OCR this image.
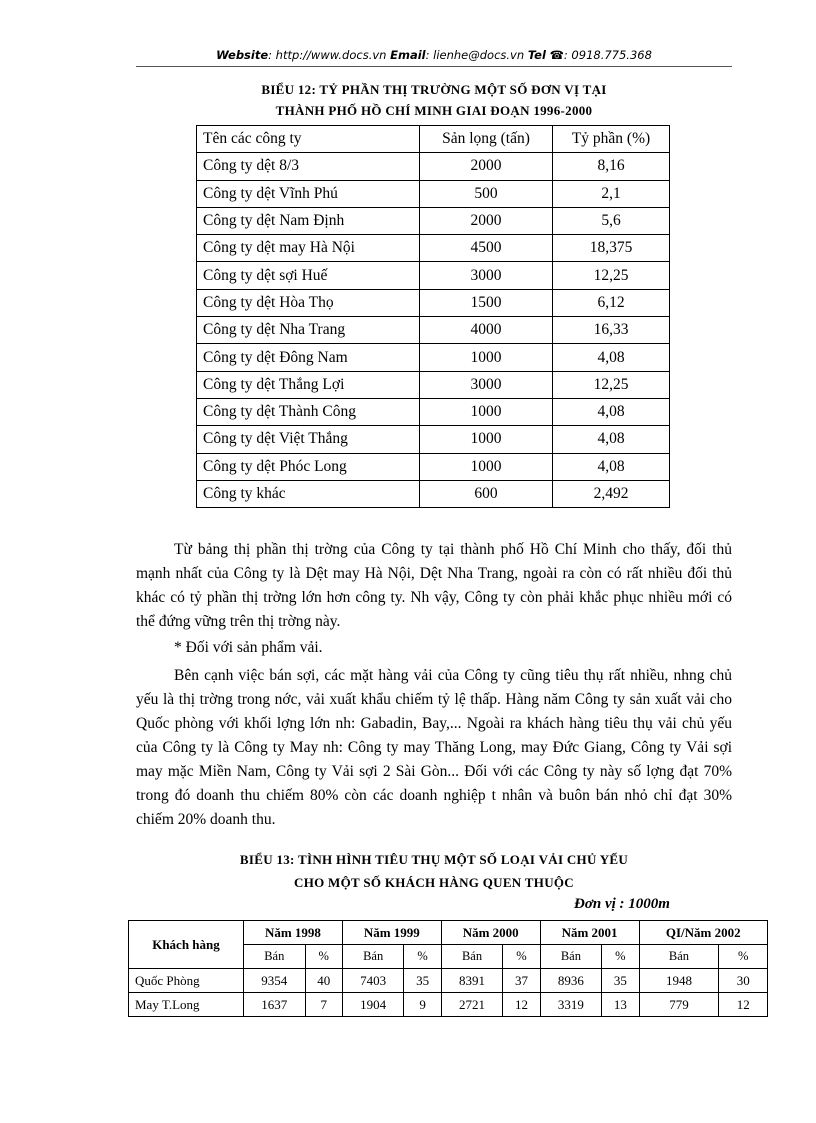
Website: http://www.docs.vn Email: lienhe@docs.vn Tel ☎: 0918.775.368
BIỂU 12: TỶ PHẦN THỊ TRƯỜNG MỘT SỐ ĐƠN VỊ TẠI
THÀNH PHỐ HỒ CHÍ MINH GIAI ĐOẠN 1996-2000
Tên các công ty	Sản lọng (tấn)	Tỷ phần (%)
Công ty dệt 8/3	2000	8,16
Công ty dệt Vĩnh Phú	500	2,1
Công ty dệt Nam Định	2000	5,6
Công ty dệt may Hà Nội	4500	18,375
Công ty dệt sợi Huế	3000	12,25
Công ty dệt Hòa Thọ	1500	6,12
Công ty dệt Nha Trang	4000	16,33
Công ty dệt Đông Nam	1000	4,08
Công ty dệt Thắng Lợi	3000	12,25
Công ty dệt Thành Công	1000	4,08
Công ty dệt Việt Thắng	1000	4,08
Công ty dệt Phóc Long	1000	4,08
Công ty khác	600	2,492

Từ bảng thị phần thị trờng của Công ty tại thành phố Hồ Chí Minh cho thấy, đối thủ mạnh nhất của Công ty là Dệt may Hà Nội, Dệt Nha Trang, ngoài ra còn có rất nhiều đối thủ khác có tỷ phần thị trờng lớn hơn công ty. Nh vậy, Công ty còn phải khắc phục nhiều mới có thể đứng vững trên thị trờng này.

* Đối với sản phẩm vải.

Bên cạnh việc bán sợi, các mặt hàng vải của Công ty cũng tiêu thụ rất nhiều, nhng chủ yếu là thị trờng trong nớc, vải xuất khẩu chiếm tỷ lệ thấp. Hàng năm Công ty sản xuất vải cho Quốc phòng với khối lợng lớn nh: Gabadin, Bay,... Ngoài ra khách hàng tiêu thụ vải chủ yếu của Công ty là Công ty May nh: Công ty may Thăng Long, may Đức Giang, Công ty Vải sợi may mặc Miền Nam, Công ty Vải sợi 2 Sài Gòn... Đối với các Công ty này số lợng đạt 70% trong đó doanh thu chiếm 80% còn các doanh nghiệp t nhân và buôn bán nhỏ chỉ đạt 30% chiếm 20% doanh thu.

BIỂU 13: TÌNH HÌNH TIÊU THỤ MỘT SỐ LOẠI VẢI CHỦ YẾU
CHO MỘT SỐ KHÁCH HÀNG QUEN THUỘC
Đơn vị : 1000m
Khách hàng	Năm 1998		Năm 1999		Năm 2000		Năm 2001		QI/Năm 2002	
	Bán	%	Bán	%	Bán	%	Bán	%	Bán	%
Quốc Phòng	9354	40	7403	35	8391	37	8936	35	1948	30
May T.Long	1637	7	1904	9	2721	12	3319	13	779	12
